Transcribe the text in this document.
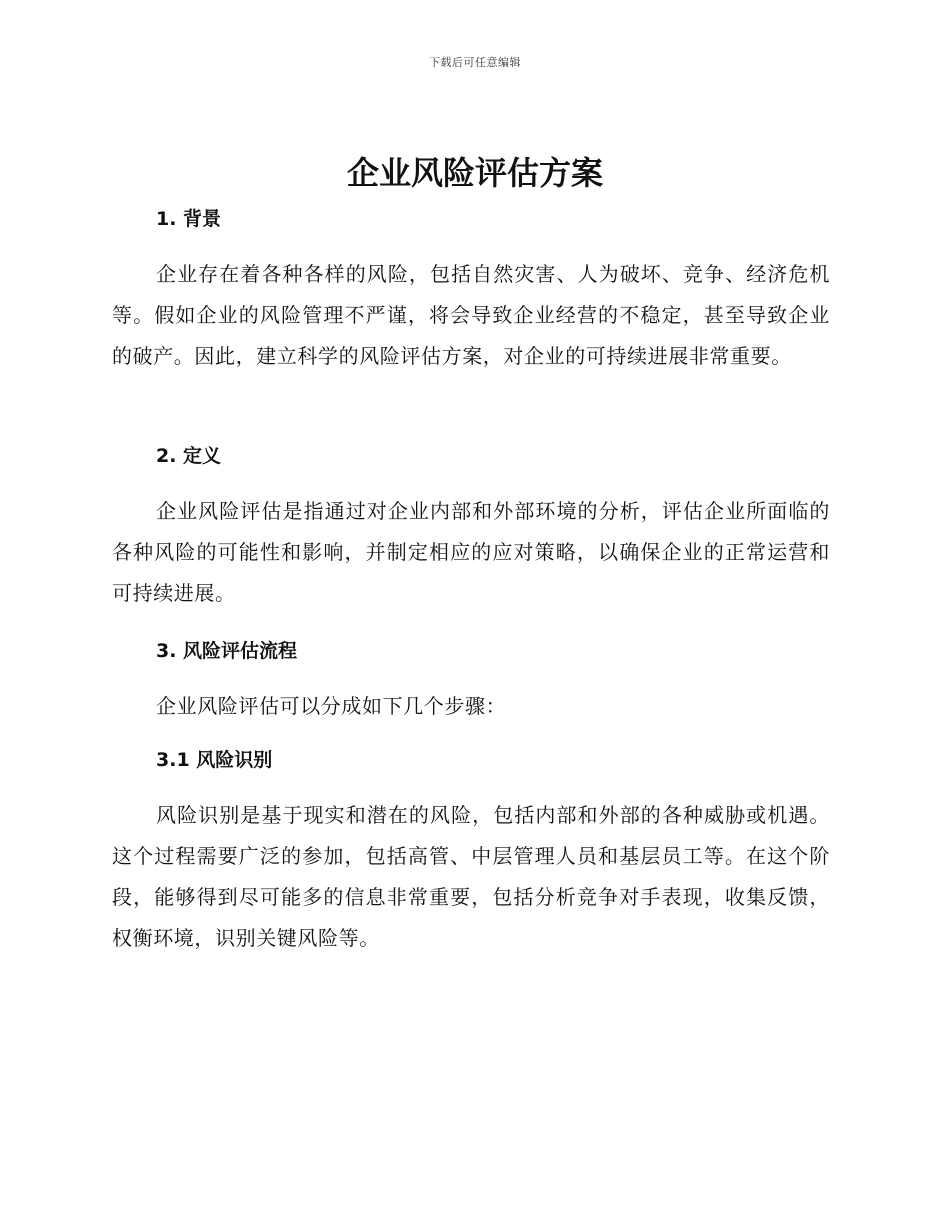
下载后可任意编辑
企业风险评估方案
1. 背景

企业存在着各种各样的风险，包括自然灾害、人为破坏、竞争、经济危机等。假如企业的风险管理不严谨，将会导致企业经营的不稳定，甚至导致企业的破产。因此，建立科学的风险评估方案，对企业的可持续进展非常重要。

2. 定义

企业风险评估是指通过对企业内部和外部环境的分析，评估企业所面临的各种风险的可能性和影响，并制定相应的应对策略，以确保企业的正常运营和可持续进展。

3. 风险评估流程

企业风险评估可以分成如下几个步骤：

3.1 风险识别

风险识别是基于现实和潜在的风险，包括内部和外部的各种威胁或机遇。这个过程需要广泛的参加，包括高管、中层管理人员和基层员工等。在这个阶段，能够得到尽可能多的信息非常重要，包括分析竞争对手表现，收集反馈，权衡环境，识别关键风险等。
